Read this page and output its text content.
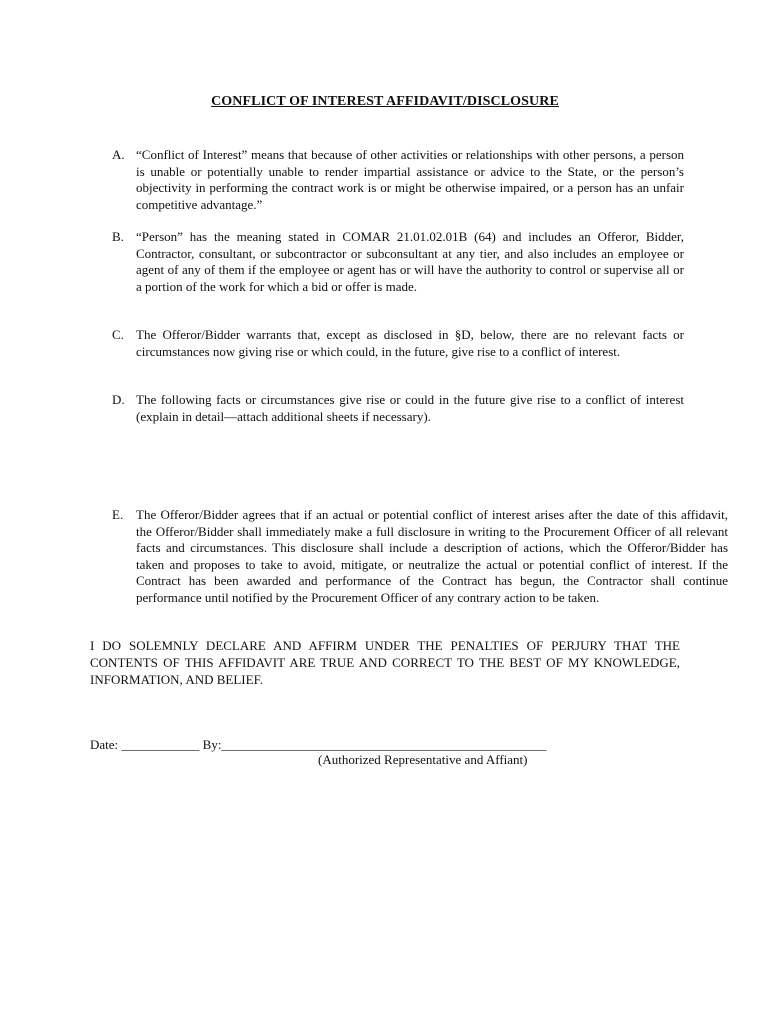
CONFLICT OF INTEREST AFFIDAVIT/DISCLOSURE
A. “Conflict of Interest” means that because of other activities or relationships with other persons, a person is unable or potentially unable to render impartial assistance or advice to the State, or the person’s objectivity in performing the contract work is or might be otherwise impaired, or a person has an unfair competitive advantage.”
B. “Person” has the meaning stated in COMAR 21.01.02.01B (64) and includes an Offeror, Bidder, Contractor, consultant, or subcontractor or subconsultant at any tier, and also includes an employee or agent of any of them if the employee or agent has or will have the authority to control or supervise all or a portion of the work for which a bid or offer is made.
C. The Offeror/Bidder warrants that, except as disclosed in §D, below, there are no relevant facts or circumstances now giving rise or which could, in the future, give rise to a conflict of interest.
D. The following facts or circumstances give rise or could in the future give rise to a conflict of interest (explain in detail—attach additional sheets if necessary).
E. The Offeror/Bidder agrees that if an actual or potential conflict of interest arises after the date of this affidavit, the Offeror/Bidder shall immediately make a full disclosure in writing to the Procurement Officer of all relevant facts and circumstances. This disclosure shall include a description of actions, which the Offeror/Bidder has taken and proposes to take to avoid, mitigate, or neutralize the actual or potential conflict of interest. If the Contract has been awarded and performance of the Contract has begun, the Contractor shall continue performance until notified by the Procurement Officer of any contrary action to be taken.
I DO SOLEMNLY DECLARE AND AFFIRM UNDER THE PENALTIES OF PERJURY THAT THE CONTENTS OF THIS AFFIDAVIT ARE TRUE AND CORRECT TO THE BEST OF MY KNOWLEDGE, INFORMATION, AND BELIEF.
Date: ____________ By:__________________________________________________
(Authorized Representative and Affiant)
